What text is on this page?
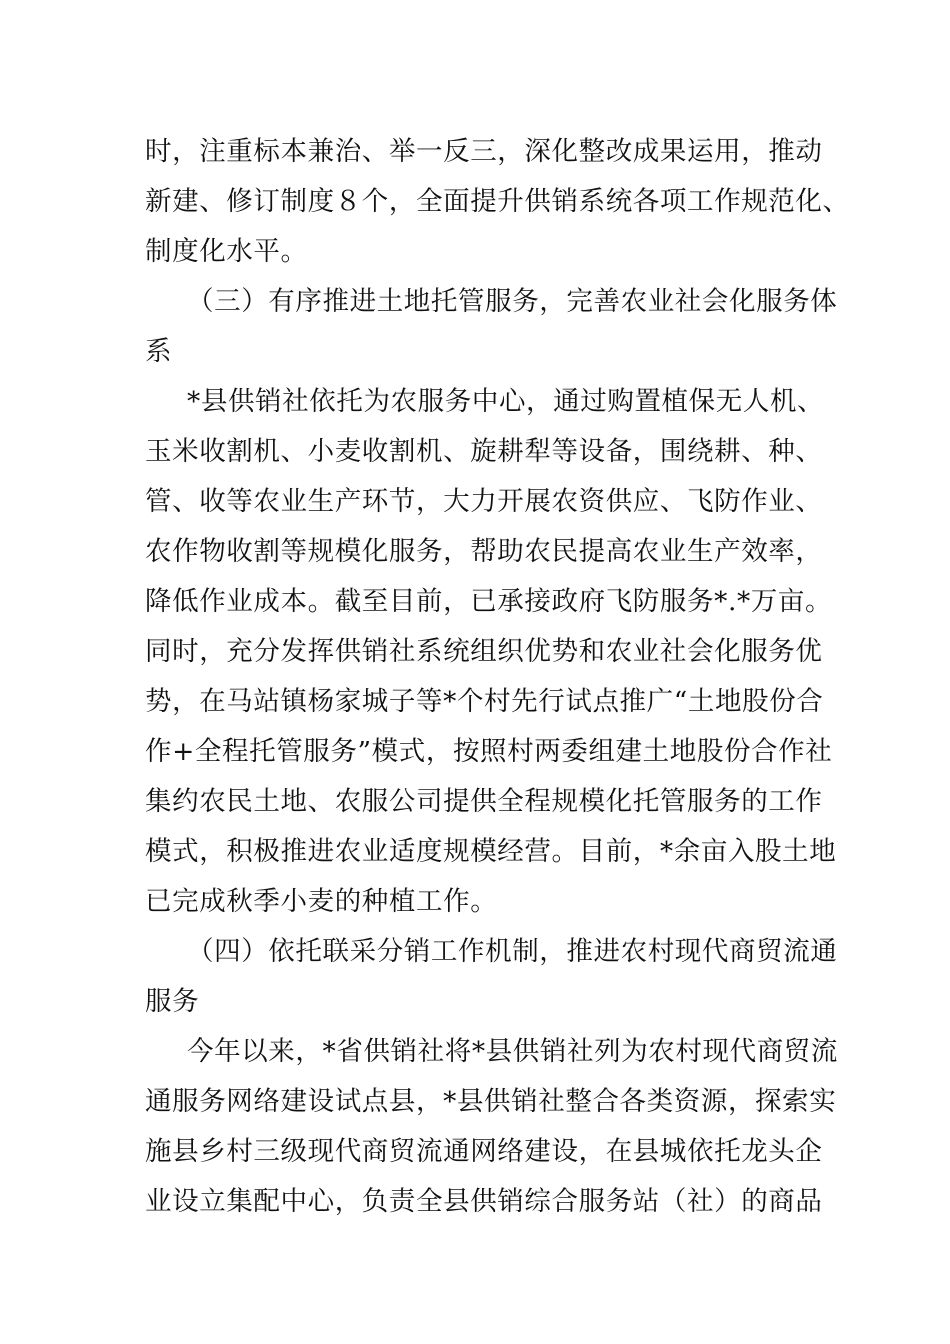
时，注重标本兼治、举一反三，深化整改成果运用，推动
新建、修订制度８个，全面提升供销系统各项工作规范化、
制度化水平。
（三）有序推进土地托管服务，完善农业社会化服务体
系
*县供销社依托为农服务中心，通过购置植保无人机、
玉米收割机、小麦收割机、旋耕犁等设备，围绕耕、种、
管、收等农业生产环节，大力开展农资供应、飞防作业、
农作物收割等规模化服务，帮助农民提高农业生产效率，
降低作业成本。截至目前，已承接政府飞防服务*.*万亩。
同时，充分发挥供销社系统组织优势和农业社会化服务优
势，在马站镇杨家城子等*个村先行试点推广“土地股份合
作+全程托管服务”模式，按照村两委组建土地股份合作社
集约农民土地、农服公司提供全程规模化托管服务的工作
模式，积极推进农业适度规模经营。目前，*余亩入股土地
已完成秋季小麦的种植工作。
（四）依托联采分销工作机制，推进农村现代商贸流通
服务
今年以来，*省供销社将*县供销社列为农村现代商贸流
通服务网络建设试点县，*县供销社整合各类资源，探索实
施县乡村三级现代商贸流通网络建设，在县城依托龙头企
业设立集配中心，负责全县供销综合服务站（社）的商品
